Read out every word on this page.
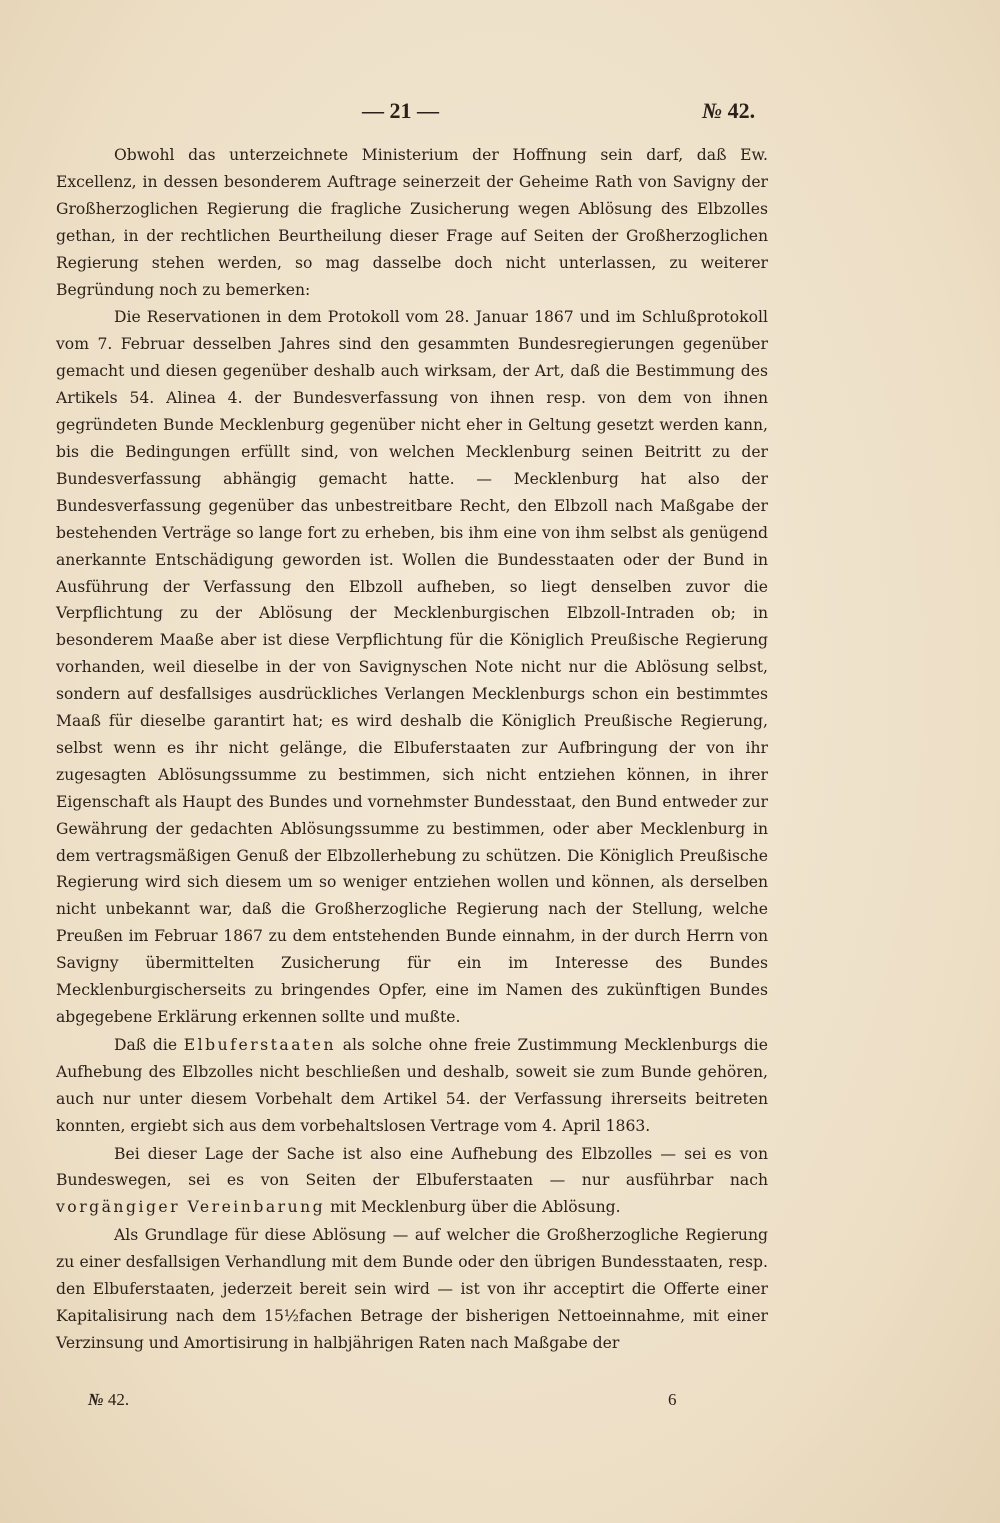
— 21 —	№ 42.

Obwohl das unterzeichnete Ministerium der Hoffnung sein darf, daß Ew. Excellenz, in dessen besonderem Auftrage seinerzeit der Geheime Rath von Savigny der Großherzoglichen Regierung die fragliche Zusicherung wegen Ablösung des Elbzolles gethan, in der rechtlichen Beurtheilung dieser Frage auf Seiten der Großherzoglichen Regierung stehen werden, so mag dasselbe doch nicht unterlassen, zu weiterer Begründung noch zu bemerken:

Die Reservationen in dem Protokoll vom 28. Januar 1867 und im Schlußprotokoll vom 7. Februar desselben Jahres sind den gesammten Bundesregierungen gegenüber gemacht und diesen gegenüber deshalb auch wirksam, der Art, daß die Bestimmung des Artikels 54. Alinea 4. der Bundesverfassung von ihnen resp. von dem von ihnen gegründeten Bunde Mecklenburg gegenüber nicht eher in Geltung gesetzt werden kann, bis die Bedingungen erfüllt sind, von welchen Mecklenburg seinen Beitritt zu der Bundesverfassung abhängig gemacht hatte. — Mecklenburg hat also der Bundesverfassung gegenüber das unbestreitbare Recht, den Elbzoll nach Maßgabe der bestehenden Verträge so lange fort zu erheben, bis ihm eine von ihm selbst als genügend anerkannte Entschädigung geworden ist. Wollen die Bundesstaaten oder der Bund in Ausführung der Verfassung den Elbzoll aufheben, so liegt denselben zuvor die Verpflichtung zu der Ablösung der Mecklenburgischen Elbzoll-Intraden ob; in besonderem Maaße aber ist diese Verpflichtung für die Königlich Preußische Regierung vorhanden, weil dieselbe in der von Savignyschen Note nicht nur die Ablösung selbst, sondern auf desfallsiges ausdrückliches Verlangen Mecklenburgs schon ein bestimmtes Maaß für dieselbe garantirt hat; es wird deshalb die Königlich Preußische Regierung, selbst wenn es ihr nicht gelänge, die Elbuferstaaten zur Aufbringung der von ihr zugesagten Ablösungssumme zu bestimmen, sich nicht entziehen können, in ihrer Eigenschaft als Haupt des Bundes und vornehmster Bundesstaat, den Bund entweder zur Gewährung der gedachten Ablösungssumme zu bestimmen, oder aber Mecklenburg in dem vertragsmäßigen Genuß der Elbzollerhebung zu schützen. Die Königlich Preußische Regierung wird sich diesem um so weniger entziehen wollen und können, als derselben nicht unbekannt war, daß die Großherzogliche Regierung nach der Stellung, welche Preußen im Februar 1867 zu dem entstehenden Bunde einnahm, in der durch Herrn von Savigny übermittelten Zusicherung für ein im Interesse des Bundes Mecklenburgischerseits zu bringendes Opfer, eine im Namen des zukünftigen Bundes abgegebene Erklärung erkennen sollte und mußte.

Daß die Elbuferstaaten als solche ohne freie Zustimmung Mecklenburgs die Aufhebung des Elbzolles nicht beschließen und deshalb, soweit sie zum Bunde gehören, auch nur unter diesem Vorbehalt dem Artikel 54. der Verfassung ihrerseits beitreten konnten, ergiebt sich aus dem vorbehaltslosen Vertrage vom 4. April 1863.

Bei dieser Lage der Sache ist also eine Aufhebung des Elbzolles — sei es von Bundeswegen, sei es von Seiten der Elbuferstaaten — nur ausführbar nach vorgängiger Vereinbarung mit Mecklenburg über die Ablösung.

Als Grundlage für diese Ablösung — auf welcher die Großherzogliche Regierung zu einer desfallsigen Verhandlung mit dem Bunde oder den übrigen Bundesstaaten, resp. den Elbuferstaaten, jederzeit bereit sein wird — ist von ihr acceptirt die Offerte einer Kapitalisirung nach dem 15½fachen Betrage der bisherigen Nettoeinnahme, mit einer Verzinsung und Amortisirung in halbjährigen Raten nach Maßgabe der

№ 42.	6
